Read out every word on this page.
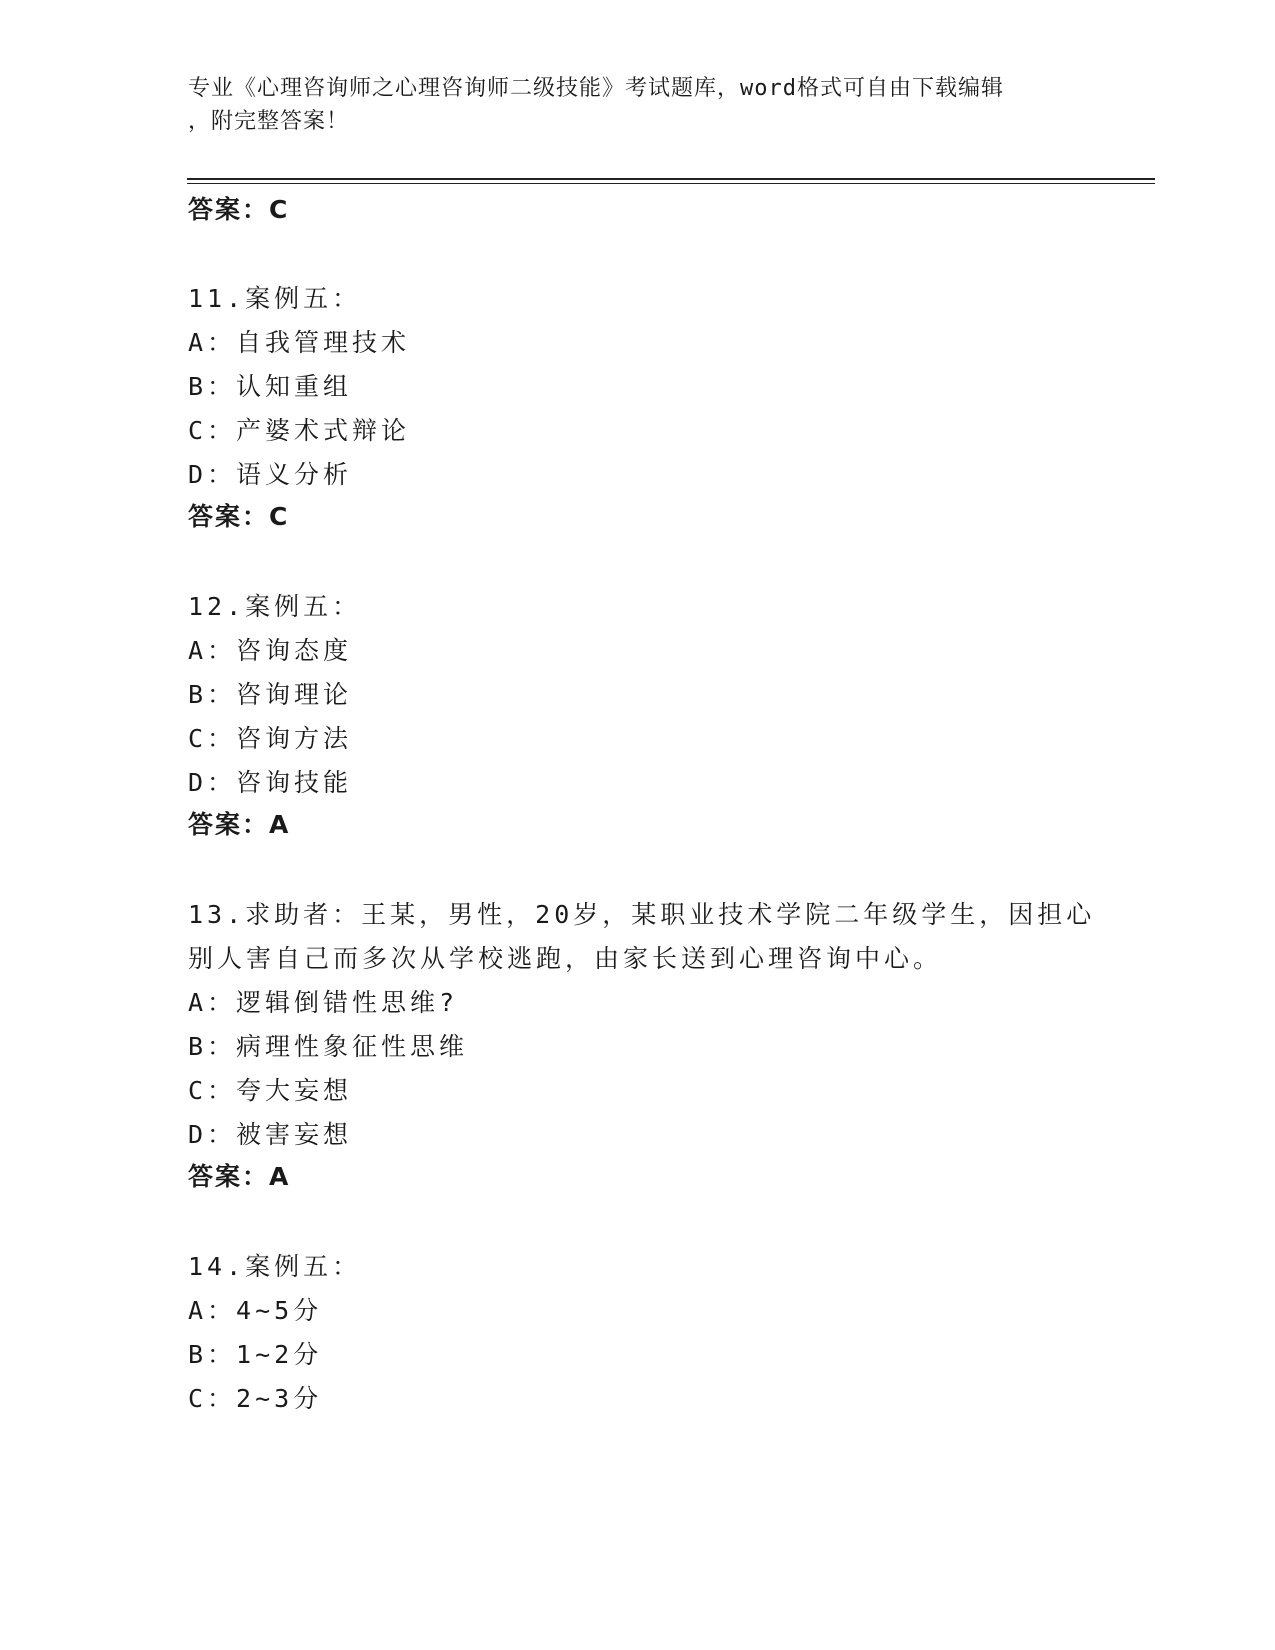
专业《心理咨询师之心理咨询师二级技能》考试题库，word格式可自由下载编辑
，附完整答案！
答案：C
11.案例五：
A：自我管理技术
B：认知重组
C：产婆术式辩论
D：语义分析
答案：C
12.案例五：
A：咨询态度
B：咨询理论
C：咨询方法
D：咨询技能
答案：A
13.求助者：王某，男性，20岁，某职业技术学院二年级学生，因担心
别人害自己而多次从学校逃跑，由家长送到心理咨询中心。
A：逻辑倒错性思维?
B：病理性象征性思维
C：夸大妄想
D：被害妄想
答案：A
14.案例五：
A：4~5分
B：1~2分
C：2~3分
